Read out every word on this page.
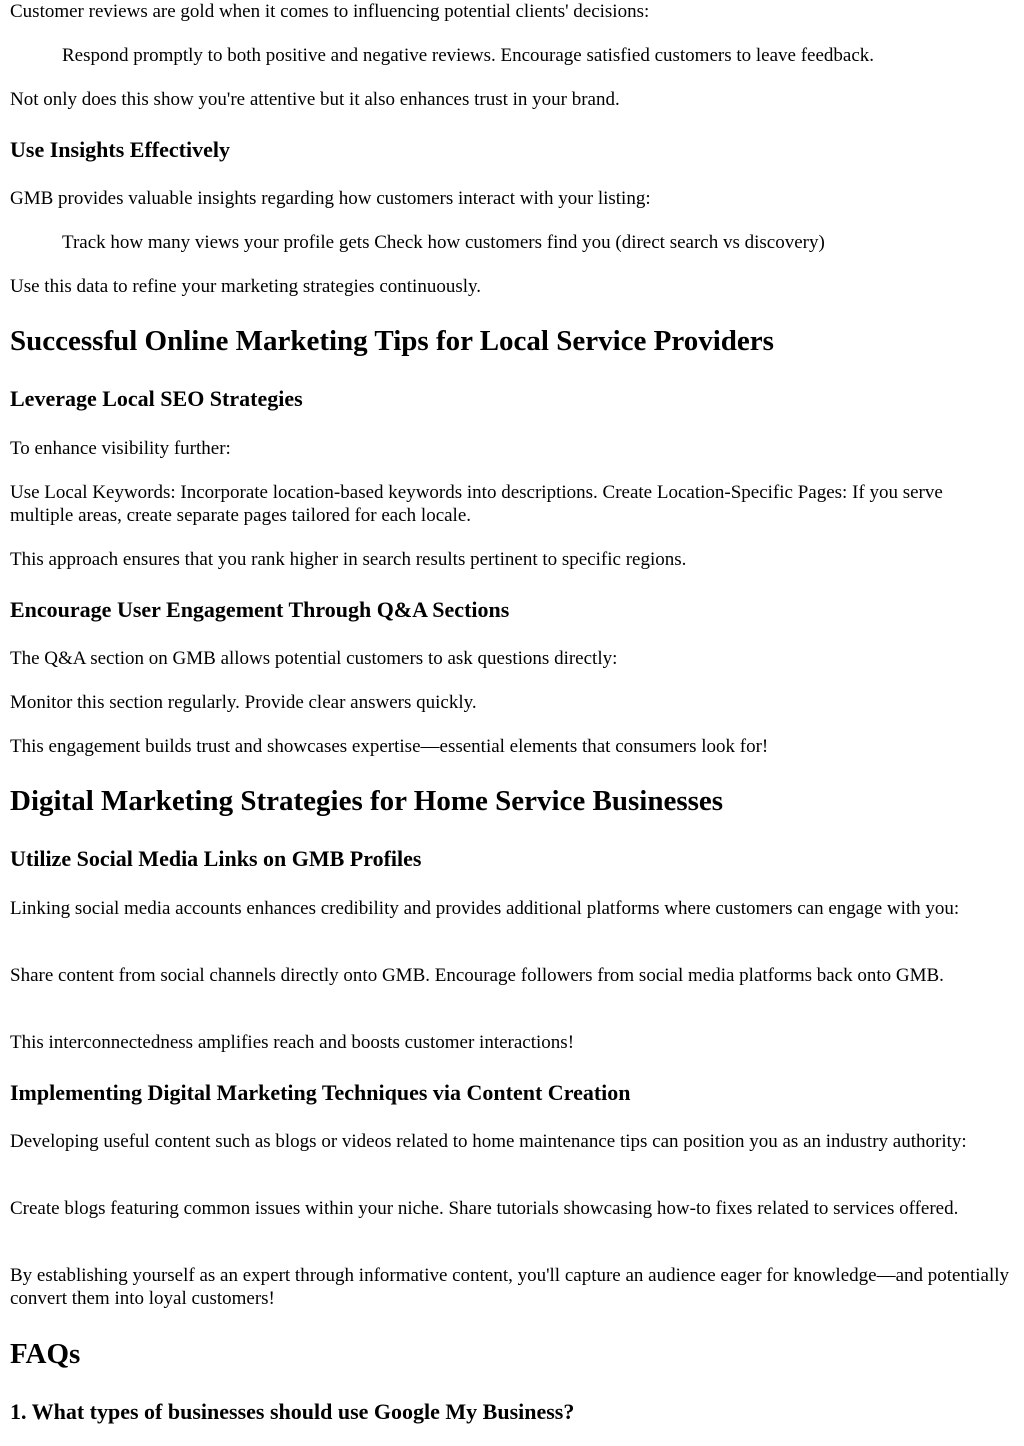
Customer reviews are gold when it comes to influencing potential clients' decisions:

Respond promptly to both positive and negative reviews. Encourage satisfied customers to leave feedback.

Not only does this show you're attentive but it also enhances trust in your brand.

Use Insights Effectively

GMB provides valuable insights regarding how customers interact with your listing:

Track how many views your profile gets Check how customers find you (direct search vs discovery)

Use this data to refine your marketing strategies continuously.

Successful Online Marketing Tips for Local Service Providers
Leverage Local SEO Strategies

To enhance visibility further:

Use Local Keywords: Incorporate location-based keywords into descriptions. Create Location-Specific Pages: If you serve multiple areas, create separate pages tailored for each locale.

This approach ensures that you rank higher in search results pertinent to specific regions.

Encourage User Engagement Through Q&A Sections

The Q&A section on GMB allows potential customers to ask questions directly:

Monitor this section regularly. Provide clear answers quickly.

This engagement builds trust and showcases expertise—essential elements that consumers look for!

Digital Marketing Strategies for Home Service Businesses
Utilize Social Media Links on GMB Profiles

Linking social media accounts enhances credibility and provides additional platforms where customers can engage with you:

Share content from social channels directly onto GMB. Encourage followers from social media platforms back onto GMB.

This interconnectedness amplifies reach and boosts customer interactions!

Implementing Digital Marketing Techniques via Content Creation

Developing useful content such as blogs or videos related to home maintenance tips can position you as an industry authority:

Create blogs featuring common issues within your niche. Share tutorials showcasing how-to fixes related to services offered.

By establishing yourself as an expert through informative content, you'll capture an audience eager for knowledge—and potentially convert them into loyal customers!

FAQs
1. What types of businesses should use Google My Business?
